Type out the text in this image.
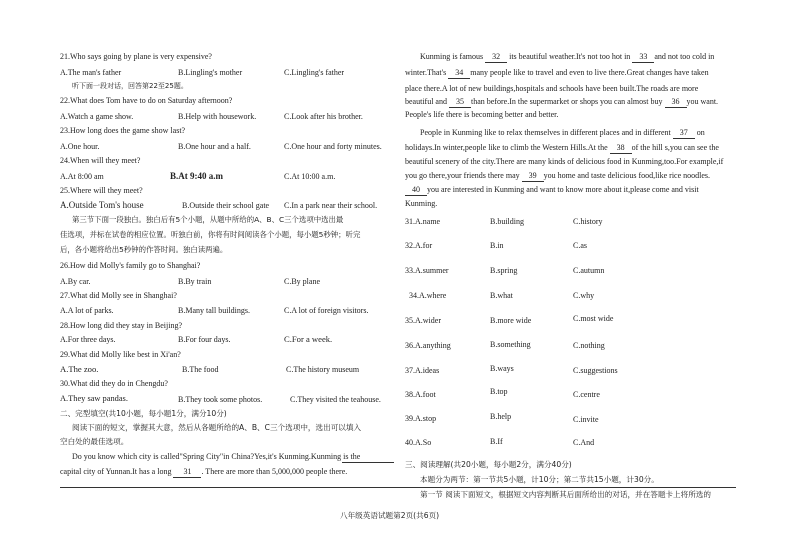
21.Who says going by plane is very expensive?
A.The man's father	B.Lingling's mother	C.Lingling's father
听下面一段对话，回答第22至25题。
22.What does Tom have to do on Saturday afternoon?
A.Watch a game show.	B.Help with housework.	C.Look after his brother.
23.How long does the game show last?
A.One hour.	B.One hour and a half.	C.One hour and forty minutes.
24.When will they meet?
A.At 8:00 am	B.At 9:40 a.m	C.At 10:00 a.m.
25.Where will they meet?
A.Outside Tom's house	B.Outside their school gate C.In a park near their school.
第三节下面一段独白。独白后有5个小题，从题中所给的A、B、C三个选项中选出最
佳选项，并标在试卷的相应位置。听独白前，你将有时间阅读各个小题，每小题5秒钟；听完
后，各小题将给出5秒钟的作答时间。独白读两遍。
26.How did Molly's family go to Shanghai?
A.By car.	B.By train	C.By plane
27.What did Molly see in Shanghai?
A.A lot of parks.	B.Many tall buildings.	C.A lot of foreign visitors.
28.How long did they stay in Beijing?
A.For three days.	B.For four days.	C.For a week.
29.What did Molly like best in Xi'an?
A.The zoo.	B.The food	C.The history museum
30.What did they do in Chengdu?
A.They saw pandas.	B.They took some photos.	C.They visited the teahouse.
二、完型填空(共10小题，每小题1分，满分10分)
阅读下面的短文，掌握其大意，然后从各题所给的A、B、C三个选项中，选出可以填入
空白处的最佳选项。
Do you know which city is called"Spring City"in China?Yes,it's Kunming.Kunming is the
capital city of Yunnan.It has a long 31 . There are more than 5,000,000 people there.
Kunming is famous 32 its beautiful weather.It's not too hot in 33 and not too cold in
winter.That's 34 many people like to travel and even to live there.Great changes have taken
place there.A lot of new buildings,hospitals and schools have been built.The roads are more
beautiful and 35 than before.In the supermarket or shops you can almost buy 36 you want.
People's life there is becoming better and better.
People in Kunming like to relax themselves in different places and in different 37 on
holidays.In winter,people like to climb the Western Hills.At the 38 of the hill s,you can see the
beautiful scenery of the city.There are many kinds of delicious food in Kunming,too.For example,if
you go there,your friends there may 39 you home and taste delicious food,like rice noodles.
40 you are interested in Kunming and want to know more about it,please come and visit
Kunming.
31.A.name	B.building	C.history
32.A.for	B.in	C.as
33.A.summer	B.spring	C.autumn
34.A.where	B.what	C.why
35.A.wider	B.more wide	C.most wide
36.A.anything	B.something	C.nothing
37.A.ideas	B.ways	C.suggestions
38.A.foot	B.top	C.centre
39.A.stop	B.help	C.invite
40.A.So	B.If	C.And
三、阅读理解(共20小题，每小题2分，满分40分)
本题分为两节：第一节共5小题，计10分；第二节共15小题，计30分。
第一节 阅读下面短文，根据短文内容判断其后面所给出的对话，并在答题卡上将所选的
八年级英语试题第2页(共6页)
